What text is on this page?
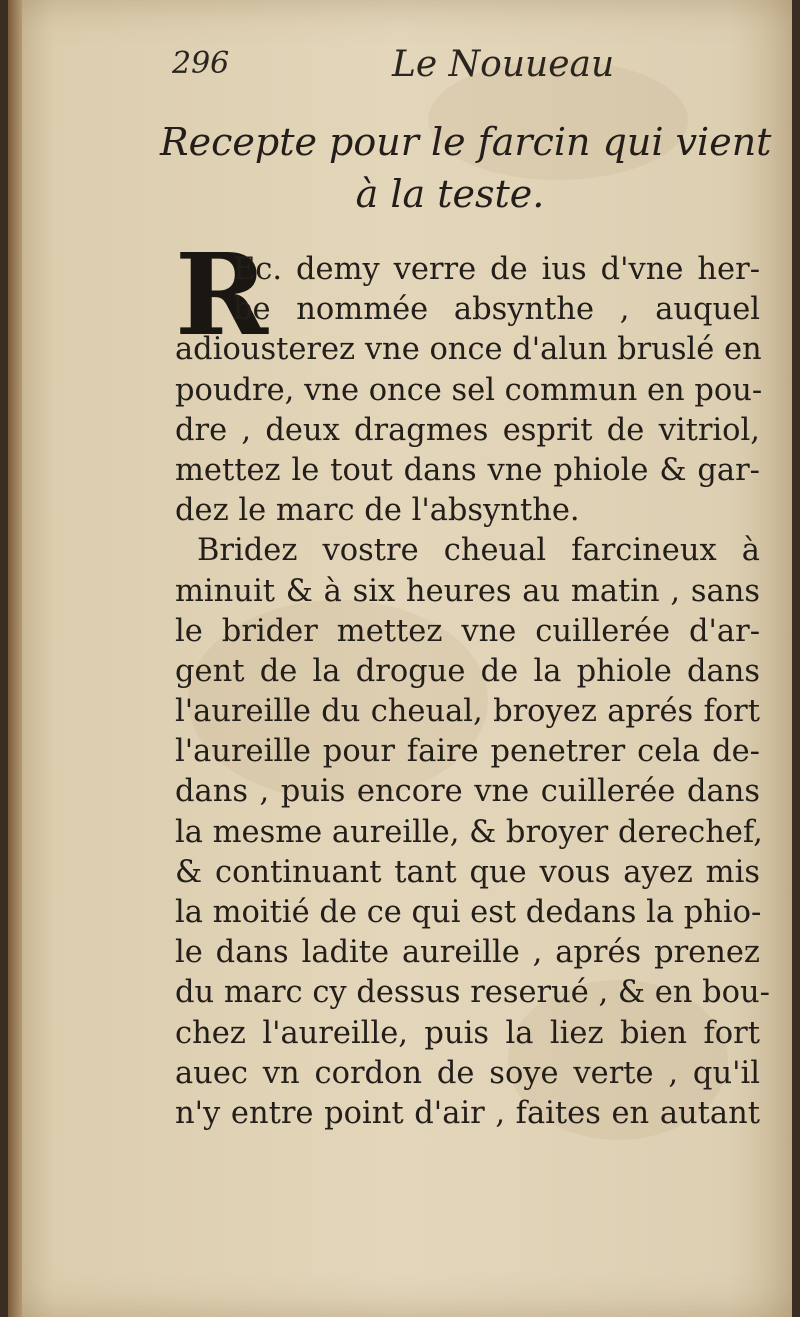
296	Le Nouueau
Recepte pour le farcin qui vient
à la teste.
R
Ec. demy verre de ius d'vne her-
be nommée absynthe , auquel
adiousterez vne once d'alun bruslé en
poudre, vne once sel commun en pou-
dre , deux dragmes esprit de vitriol,
mettez le tout dans vne phiole & gar-
dez le marc de l'absynthe.
Bridez vostre cheual farcineux à
minuit & à six heures au matin , sans
le brider mettez vne cuillerée d'ar-
gent de la drogue de la phiole dans
l'aureille du cheual, broyez aprés fort
l'aureille pour faire penetrer cela de-
dans , puis encore vne cuillerée dans
la mesme aureille, & broyer derechef,
& continuant tant que vous ayez mis
la moitié de ce qui est dedans la phio-
le dans ladite aureille , aprés prenez
du marc cy dessus reserué , & en bou-
chez l'aureille, puis la liez bien fort
auec vn cordon de soye verte , qu'il
n'y entre point d'air , faites en autant
